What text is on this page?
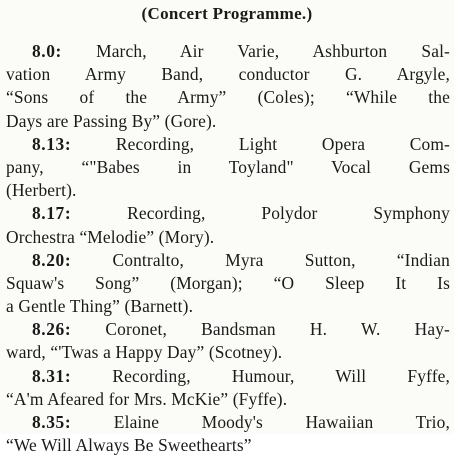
(Concert Programme.)
8.0: March, Air Varie, Ashburton Sal-
vation Army Band, conductor G. Argyle,
“Sons of the Army” (Coles); “While the
Days are Passing By” (Gore).
8.13: Recording, Light Opera Com-
pany, “"Babes in Toyland" Vocal Gems
(Herbert).
8.17: Recording, Polydor Symphony
Orchestra “Melodie” (Mory).
8.20: Contralto, Myra Sutton, “Indian
Squaw's Song” (Morgan); “O Sleep It Is
a Gentle Thing” (Barnett).
8.26: Coronet, Bandsman H. W. Hay-
ward, “'Twas a Happy Day” (Scotney).
8.31: Recording, Humour, Will Fyffe,
“A'm Afeared for Mrs. McKie” (Fyffe).
8.35: Elaine Moody's Hawaiian Trio,
“We Will Always Be Sweethearts”
